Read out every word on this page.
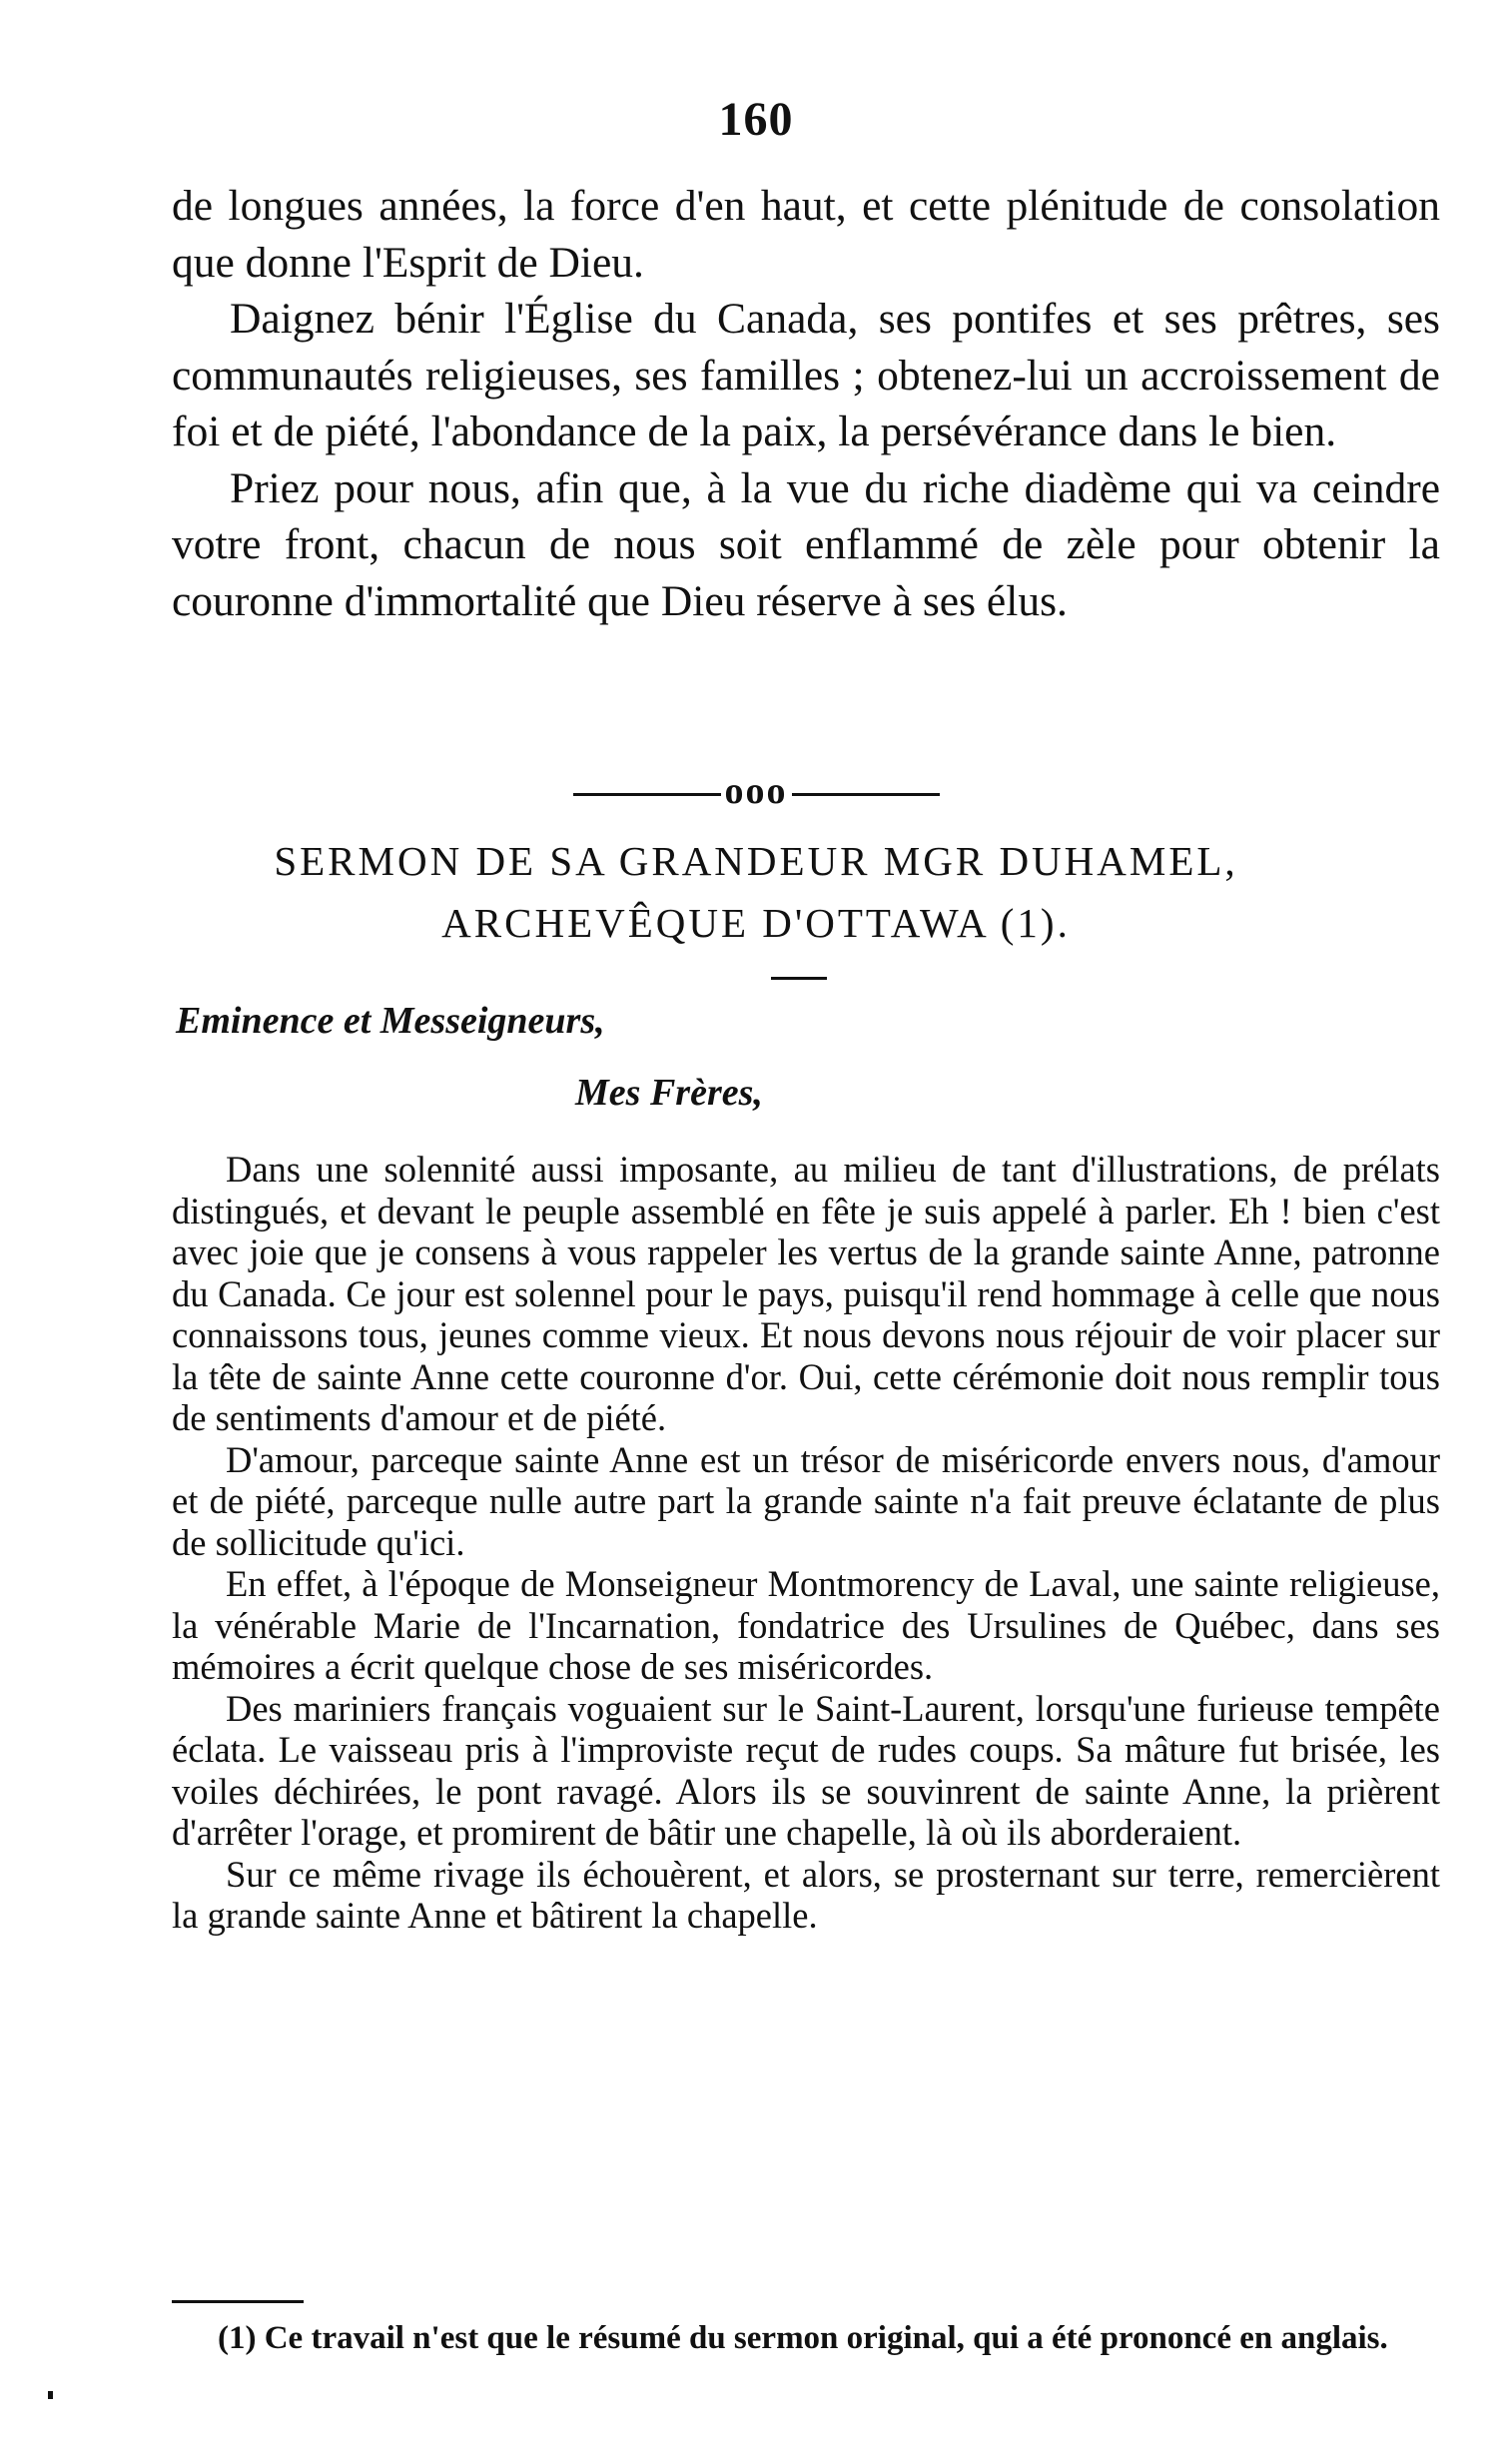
160

de longues années, la force d'en haut, et cette plénitude de consolation que donne l'Esprit de Dieu.

Daignez bénir l'Église du Canada, ses pontifes et ses prêtres, ses communautés religieuses, ses familles ; obtenez-lui un accroissement de foi et de piété, l'abondance de la paix, la persévérance dans le bien.

Priez pour nous, afin que, à la vue du riche diadème qui va ceindre votre front, chacun de nous soit enflammé de zèle pour obtenir la couronne d'immortalité que Dieu réserve à ses élus.

ooo
SERMON DE SA GRANDEUR MGR DUHAMEL,
ARCHEVÊQUE D'OTTAWA (1).
Eminence et Messeigneurs,
Mes Frères,

Dans une solennité aussi imposante, au milieu de tant d'illustrations, de prélats distingués, et devant le peuple assemblé en fête je suis appelé à parler. Eh ! bien c'est avec joie que je consens à vous rappeler les vertus de la grande sainte Anne, patronne du Canada. Ce jour est solennel pour le pays, puisqu'il rend hommage à celle que nous connaissons tous, jeunes comme vieux. Et nous devons nous réjouir de voir placer sur la tête de sainte Anne cette couronne d'or. Oui, cette cérémonie doit nous remplir tous de sentiments d'amour et de piété.

D'amour, parceque sainte Anne est un trésor de miséricorde envers nous, d'amour et de piété, parceque nulle autre part la grande sainte n'a fait preuve éclatante de plus de sollicitude qu'ici.

En effet, à l'époque de Monseigneur Montmorency de Laval, une sainte religieuse, la vénérable Marie de l'Incarnation, fondatrice des Ursulines de Québec, dans ses mémoires a écrit quelque chose de ses miséricordes.

Des mariniers français voguaient sur le Saint-Laurent, lorsqu'une furieuse tempête éclata. Le vaisseau pris à l'improviste reçut de rudes coups. Sa mâture fut brisée, les voiles déchirées, le pont ravagé. Alors ils se souvinrent de sainte Anne, la prièrent d'arrêter l'orage, et promirent de bâtir une chapelle, là où ils aborderaient.

Sur ce même rivage ils échouèrent, et alors, se prosternant sur terre, remercièrent la grande sainte Anne et bâtirent la chapelle.

(1) Ce travail n'est que le résumé du sermon original, qui a été prononcé en anglais.
